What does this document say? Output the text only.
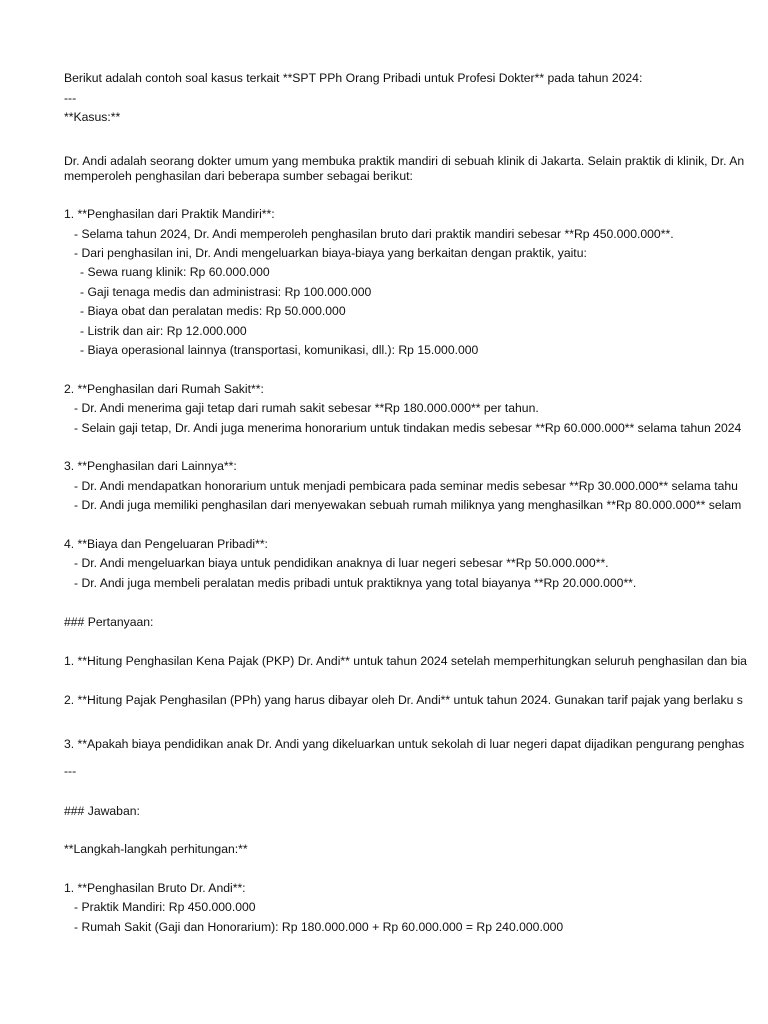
Berikut adalah contoh soal kasus terkait **SPT PPh Orang Pribadi untuk Profesi Dokter** pada tahun 2024:
---
**Kasus:**
Dr. Andi adalah seorang dokter umum yang membuka praktik mandiri di sebuah klinik di Jakarta. Selain praktik di klinik, Dr. An
memperoleh penghasilan dari beberapa sumber sebagai berikut:
1. **Penghasilan dari Praktik Mandiri**:
- Selama tahun 2024, Dr. Andi memperoleh penghasilan bruto dari praktik mandiri sebesar **Rp 450.000.000**.
- Dari penghasilan ini, Dr. Andi mengeluarkan biaya-biaya yang berkaitan dengan praktik, yaitu:
- Sewa ruang klinik: Rp 60.000.000
- Gaji tenaga medis dan administrasi: Rp 100.000.000
- Biaya obat dan peralatan medis: Rp 50.000.000
- Listrik dan air: Rp 12.000.000
- Biaya operasional lainnya (transportasi, komunikasi, dll.): Rp 15.000.000
2. **Penghasilan dari Rumah Sakit**:
- Dr. Andi menerima gaji tetap dari rumah sakit sebesar **Rp 180.000.000** per tahun.
- Selain gaji tetap, Dr. Andi juga menerima honorarium untuk tindakan medis sebesar **Rp 60.000.000** selama tahun 2024
3. **Penghasilan dari Lainnya**:
- Dr. Andi mendapatkan honorarium untuk menjadi pembicara pada seminar medis sebesar **Rp 30.000.000** selama tahu
- Dr. Andi juga memiliki penghasilan dari menyewakan sebuah rumah miliknya yang menghasilkan **Rp 80.000.000** selam
4. **Biaya dan Pengeluaran Pribadi**:
- Dr. Andi mengeluarkan biaya untuk pendidikan anaknya di luar negeri sebesar **Rp 50.000.000**.
- Dr. Andi juga membeli peralatan medis pribadi untuk praktiknya yang total biayanya **Rp 20.000.000**.
### Pertanyaan:
1. **Hitung Penghasilan Kena Pajak (PKP) Dr. Andi** untuk tahun 2024 setelah memperhitungkan seluruh penghasilan dan bia
2. **Hitung Pajak Penghasilan (PPh) yang harus dibayar oleh Dr. Andi** untuk tahun 2024. Gunakan tarif pajak yang berlaku s
3. **Apakah biaya pendidikan anak Dr. Andi yang dikeluarkan untuk sekolah di luar negeri dapat dijadikan pengurang penghas
---
### Jawaban:
**Langkah-langkah perhitungan:**
1. **Penghasilan Bruto Dr. Andi**:
- Praktik Mandiri: Rp 450.000.000
- Rumah Sakit (Gaji dan Honorarium): Rp 180.000.000 + Rp 60.000.000 = Rp 240.000.000
